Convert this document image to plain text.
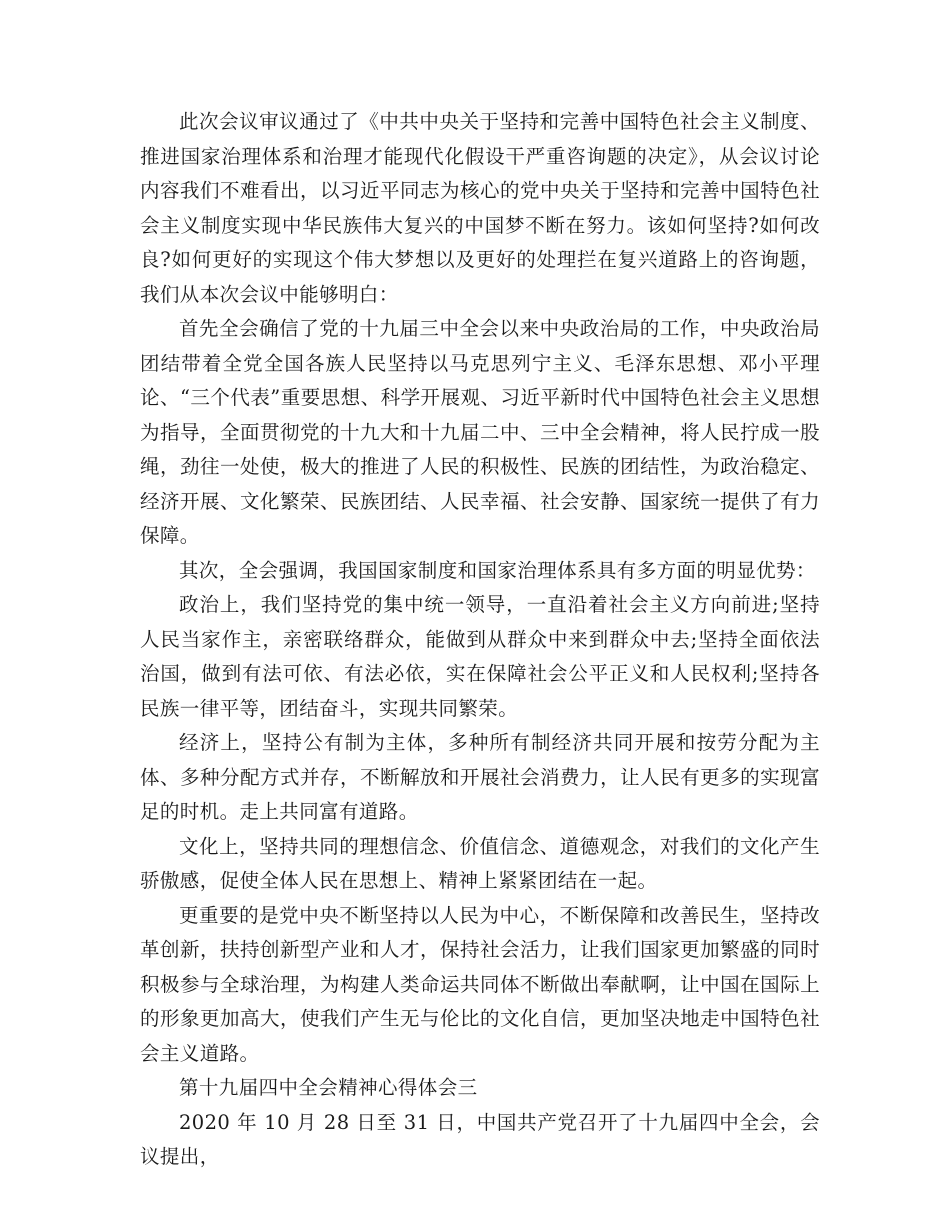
此次会议审议通过了《中共中央关于坚持和完善中国特色社会主义制度、推进国家治理体系和治理才能现代化假设干严重咨询题的决定》，从会议讨论内容我们不难看出，以习近平同志为核心的党中央关于坚持和完善中国特色社会主义制度实现中华民族伟大复兴的中国梦不断在努力。该如何坚持?如何改良?如何更好的实现这个伟大梦想以及更好的处理拦在复兴道路上的咨询题，我们从本次会议中能够明白：

首先全会确信了党的十九届三中全会以来中央政治局的工作，中央政治局团结带着全党全国各族人民坚持以马克思列宁主义、毛泽东思想、邓小平理论、“三个代表”重要思想、科学开展观、习近平新时代中国特色社会主义思想为指导，全面贯彻党的十九大和十九届二中、三中全会精神，将人民拧成一股绳，劲往一处使，极大的推进了人民的积极性、民族的团结性，为政治稳定、经济开展、文化繁荣、民族团结、人民幸福、社会安静、国家统一提供了有力保障。

其次，全会强调，我国国家制度和国家治理体系具有多方面的明显优势：

政治上，我们坚持党的集中统一领导，一直沿着社会主义方向前进;坚持人民当家作主，亲密联络群众，能做到从群众中来到群众中去;坚持全面依法治国，做到有法可依、有法必依，实在保障社会公平正义和人民权利;坚持各民族一律平等，团结奋斗，实现共同繁荣。

经济上，坚持公有制为主体，多种所有制经济共同开展和按劳分配为主体、多种分配方式并存，不断解放和开展社会消费力，让人民有更多的实现富足的时机。走上共同富有道路。

文化上，坚持共同的理想信念、价值信念、道德观念，对我们的文化产生骄傲感，促使全体人民在思想上、精神上紧紧团结在一起。

更重要的是党中央不断坚持以人民为中心，不断保障和改善民生，坚持改革创新，扶持创新型产业和人才，保持社会活力，让我们国家更加繁盛的同时积极参与全球治理，为构建人类命运共同体不断做出奉献啊，让中国在国际上的形象更加高大，使我们产生无与伦比的文化自信，更加坚决地走中国特色社会主义道路。

第十九届四中全会精神心得体会三

2020 年 10 月 28 日至 31 日，中国共产党召开了十九届四中全会，会议提出，
